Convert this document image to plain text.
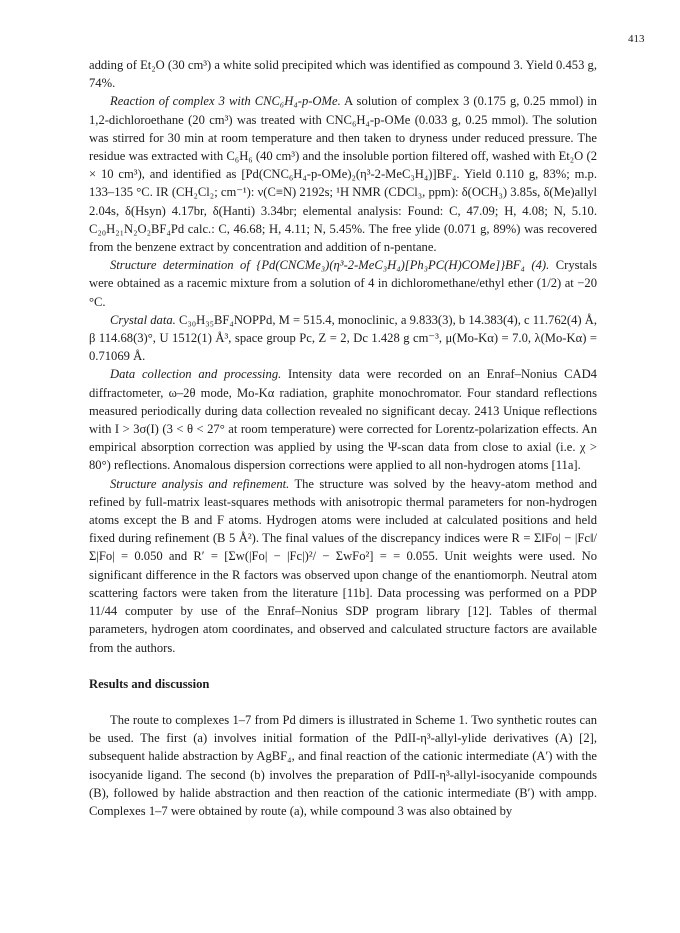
413

adding of Et₂O (30 cm³) a white solid precipited which was identified as compound 3. Yield 0.453 g, 74%.

Reaction of complex 3 with CNC₆H₄-p-OMe. A solution of complex 3 (0.175 g, 0.25 mmol) in 1,2-dichloroethane (20 cm³) was treated with CNC₆H₄-p-OMe (0.033 g, 0.25 mmol). The solution was stirred for 30 min at room temperature and then taken to dryness under reduced pressure. The residue was extracted with C₆H₆ (40 cm³) and the insoluble portion filtered off, washed with Et₂O (2 × 10 cm³), and identified as [Pd(CNC₆H₄-p-OMe)₂(η³-2-MeC₃H₄)]BF₄. Yield 0.110 g, 83%; m.p. 133–135 °C. IR (CH₂Cl₂; cm⁻¹): ν(C≡N) 2192s; ¹H NMR (CDCl₃, ppm): δ(OCH₃) 3.85s, δ(Me)allyl 2.04s, δ(Hsyn) 4.17br, δ(Hanti) 3.34br; elemental analysis: Found: C, 47.09; H, 4.08; N, 5.10. C₂₀H₂₁N₂O₂BF₄Pd calc.: C, 46.68; H, 4.11; N, 5.45%. The free ylide (0.071 g, 89%) was recovered from the benzene extract by concentration and addition of n-pentane.

Structure determination of {Pd(CNCMe₃)(η³-2-MeC₃H₄)[Ph₃PC(H)COMe]}BF₄ (4). Crystals were obtained as a racemic mixture from a solution of 4 in dichloromethane/ethyl ether (1/2) at −20 °C.

Crystal data. C₃₀H₃₅BF₄NOPPd, M = 515.4, monoclinic, a 9.833(3), b 14.383(4), c 11.762(4) Å, β 114.68(3)°, U 1512(1) Å³, space group Pc, Z = 2, Dc 1.428 g cm⁻³, μ(Mo-Kα) = 7.0, λ(Mo-Kα) = 0.71069 Å.

Data collection and processing. Intensity data were recorded on an Enraf–Nonius CAD4 diffractometer, ω–2θ mode, Mo-Kα radiation, graphite monochromator. Four standard reflections measured periodically during data collection revealed no significant decay. 2413 Unique reflections with I > 3σ(I) (3 < θ < 27° at room temperature) were corrected for Lorentz-polarization effects. An empirical absorption correction was applied by using the Ψ-scan data from close to axial (i.e. χ > 80°) reflections. Anomalous dispersion corrections were applied to all non-hydrogen atoms [11a].

Structure analysis and refinement. The structure was solved by the heavy-atom method and refined by full-matrix least-squares methods with anisotropic thermal parameters for non-hydrogen atoms except the B and F atoms. Hydrogen atoms were included at calculated positions and held fixed during refinement (B 5 Å²). The final values of the discrepancy indices were R = Σ‖Fo| − |Fc‖/Σ|Fo| = 0.050 and R′ = [Σw(|Fo| − |Fc|)²/ − ΣwFo²] = = 0.055. Unit weights were used. No significant difference in the R factors was observed upon change of the enantiomorph. Neutral atom scattering factors were taken from the literature [11b]. Data processing was performed on a PDP 11/44 computer by use of the Enraf–Nonius SDP program library [12]. Tables of thermal parameters, hydrogen atom coordinates, and observed and calculated structure factors are available from the authors.

Results and discussion

The route to complexes 1–7 from Pd dimers is illustrated in Scheme 1. Two synthetic routes can be used. The first (a) involves initial formation of the PdII-η³-allyl-ylide derivatives (A) [2], subsequent halide abstraction by AgBF₄, and final reaction of the cationic intermediate (A′) with the isocyanide ligand. The second (b) involves the preparation of PdII-η³-allyl-isocyanide compounds (B), followed by halide abstraction and then reaction of the cationic intermediate (B′) with ampp. Complexes 1–7 were obtained by route (a), while compound 3 was also obtained by
